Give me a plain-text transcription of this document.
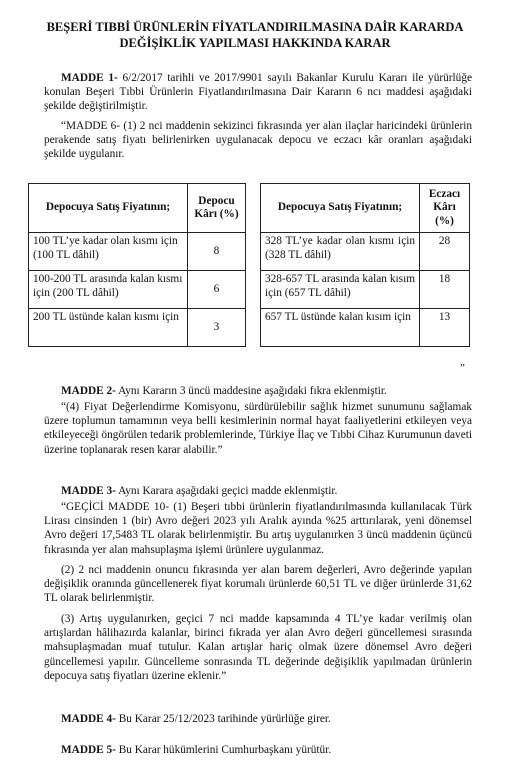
BEŞERİ TIBBİ ÜRÜNLERİN FİYATLANDIRILMASINA DAİR KARARDA
DEĞİŞİKLİK YAPILMASI HAKKINDA KARAR

MADDE 1- 6/2/2017 tarihli ve 2017/9901 sayılı Bakanlar Kurulu Kararı ile yürürlüğe konulan Beşeri Tıbbi Ürünlerin Fiyatlandırılmasına Dair Kararın 6 ncı maddesi aşağıdaki şekilde değiştirilmiştir.

“MADDE 6- (1) 2 nci maddenin sekizinci fıkrasında yer alan ilaçlar haricindeki ürünlerin perakende satış fiyatı belirlenirken uygulanacak depocu ve eczacı kâr oranları aşağıdaki şekilde uygulanır.

Depocuya Satış Fiyatının;	Depocu Kârı (%)
100 TL’ye kadar olan kısmı için (100 TL dâhil)	8
100-200 TL arasında kalan kısmı için (200 TL dâhil)	6
200 TL üstünde kalan kısmı için	3
Depocuya Satış Fiyatının;	Eczacı Kârı (%)
328 TL’ye kadar olan kısmı için (328 TL dâhil)	28
328-657 TL arasında kalan kısım için (657 TL dâhil)	18
657 TL üstünde kalan kısım için	13
”

MADDE 2- Aynı Kararın 3 üncü maddesine aşağıdaki fıkra eklenmiştir.

“(4) Fiyat Değerlendirme Komisyonu, sürdürülebilir sağlık hizmet sunumunu sağlamak üzere toplumun tamamının veya belli kesimlerinin normal hayat faaliyetlerini etkileyen veya etkileyeceği öngörülen tedarik problemlerinde, Türkiye İlaç ve Tıbbi Cihaz Kurumunun daveti üzerine toplanarak resen karar alabilir.”

MADDE 3- Aynı Karara aşağıdaki geçici madde eklenmiştir.

“GEÇİCİ MADDE 10- (1) Beşeri tıbbi ürünlerin fiyatlandırılmasında kullanılacak Türk Lirası cinsinden 1 (bir) Avro değeri 2023 yılı Aralık ayında %25 arttırılarak, yeni dönemsel Avro değeri 17,5483 TL olarak belirlenmiştir. Bu artış uygulanırken 3 üncü maddenin üçüncü fıkrasında yer alan mahsuplaşma işlemi ürünlere uygulanmaz.

(2) 2 nci maddenin onuncu fıkrasında yer alan barem değerleri, Avro değerinde yapılan değişiklik oranında güncellenerek fiyat korumalı ürünlerde 60,51 TL ve diğer ürünlerde 31,62 TL olarak belirlenmiştir.

(3) Artış uygulanırken, geçici 7 nci madde kapsamında 4 TL’ye kadar verilmiş olan artışlardan hâlihazırda kalanlar, birinci fıkrada yer alan Avro değeri güncellemesi sırasında mahsuplaşmadan muaf tutulur. Kalan artışlar hariç olmak üzere dönemsel Avro değeri güncellemesi yapılır. Güncelleme sonrasında TL değerinde değişiklik yapılmadan ürünlerin depocuya satış fiyatları üzerine eklenir.”

MADDE 4- Bu Karar 25/12/2023 tarihinde yürürlüğe girer.

MADDE 5- Bu Karar hükümlerini Cumhurbaşkanı yürütür.
